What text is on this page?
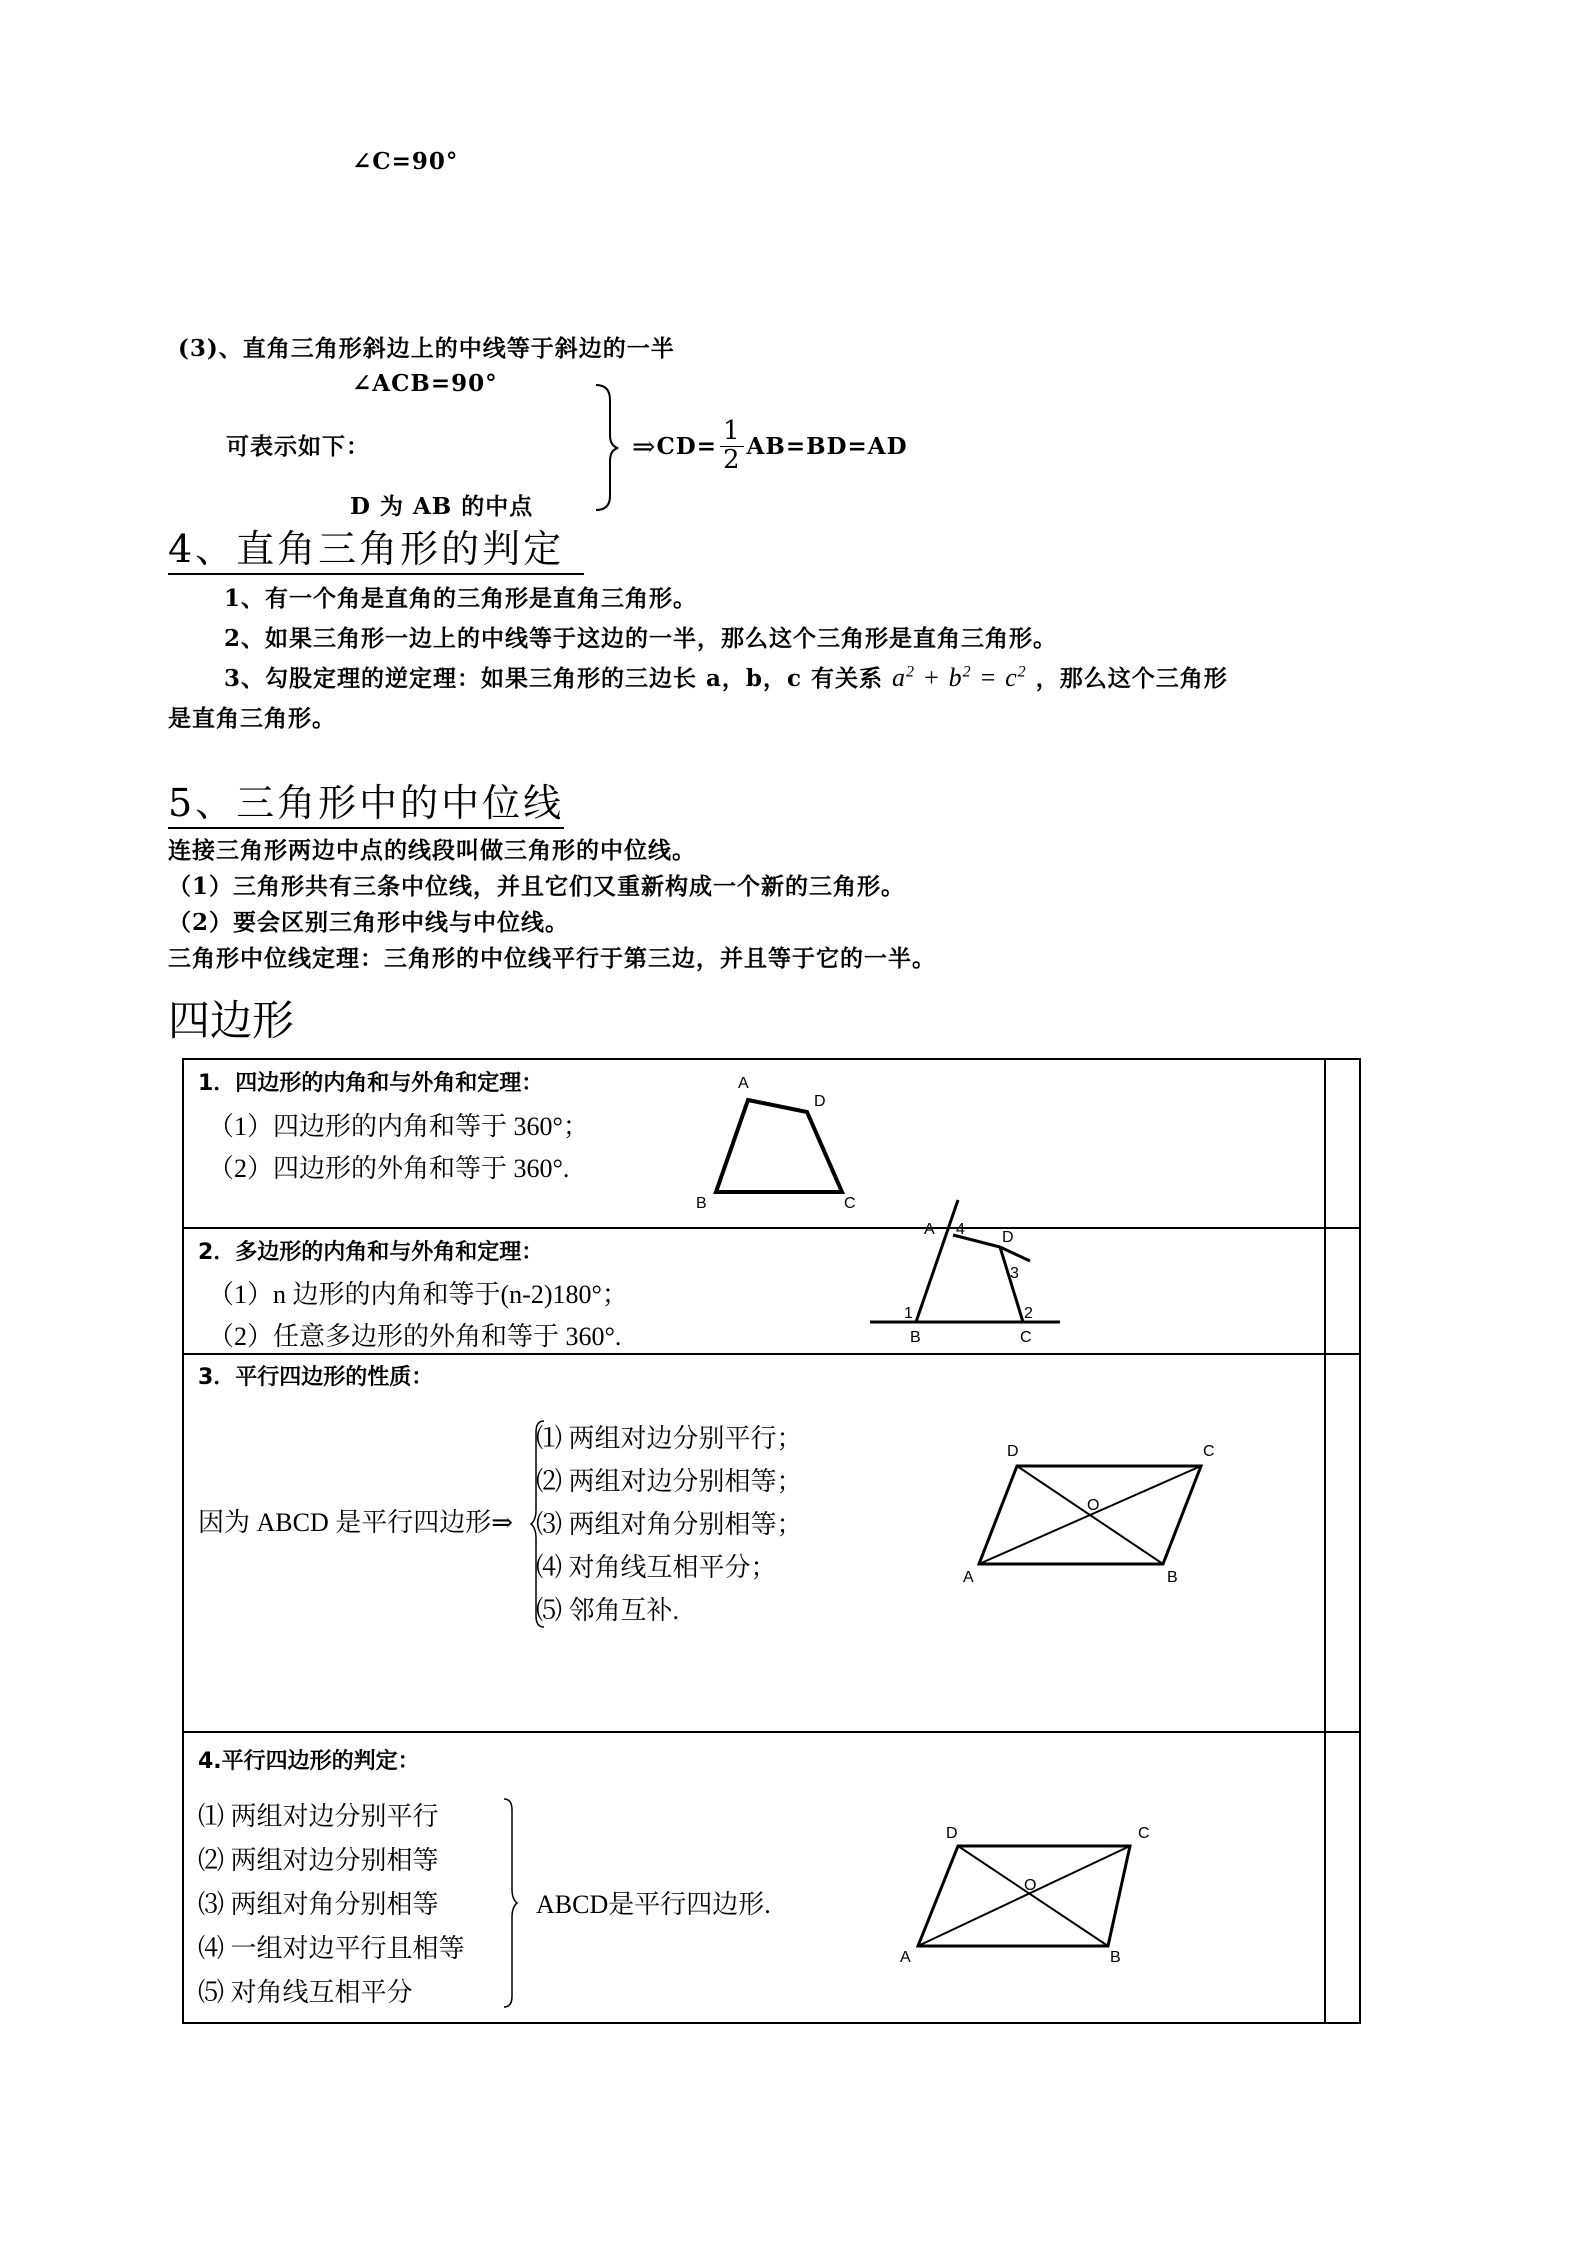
∠C=90°
(3)、直角三角形斜边上的中线等于斜边的一半
∠ACB=90°
可表示如下：
D 为 AB 的中点
⇒ $CD= \frac{1}{2} AB=BD=AD$
4、直角三角形的判定
1、有一个角是直角的三角形是直角三角形。
2、如果三角形一边上的中线等于这边的一半，那么这个三角形是直角三角形。
3、勾股定理的逆定理：如果三角形的三边长 a，b，c 有关系 $a^2 + b^2 = c^2$ ，那么这个三角形
是直角三角形。
5、三角形中的中位线
连接三角形两边中点的线段叫做三角形的中位线。
（1）三角形共有三条中位线，并且它们又重新构成一个新的三角形。
（2）要会区别三角形中线与中位线。
三角形中位线定理：三角形的中位线平行于第三边，并且等于它的一半。
四边形
1．四边形的内角和与外角和定理：
（1）四边形的内角和等于 360°；
（2）四边形的外角和等于 360°.
A
D
B	C
2．多边形的内角和与外角和定理：
（1）n 边形的内角和等于(n-2)180°；
（2）任意多边形的外角和等于 360°.
A 4 D
3
1	2
B	C
3．平行四边形的性质：
因为 ABCD 是平行四边形⇒
⑴ 两组对边分别平行；
⑵ 两组对边分别相等；
⑶ 两组对角分别相等；
⑷ 对角线互相平分；
⑸ 邻角互补.
D	C
O
A	B
4.平行四边形的判定：
⑴ 两组对边分别平行
⑵ 两组对边分别相等
⑶ 两组对角分别相等
⑷ 一组对边平行且相等
⑸ 对角线互相平分
ABCD是平行四边形.
D	C
O
A	B
